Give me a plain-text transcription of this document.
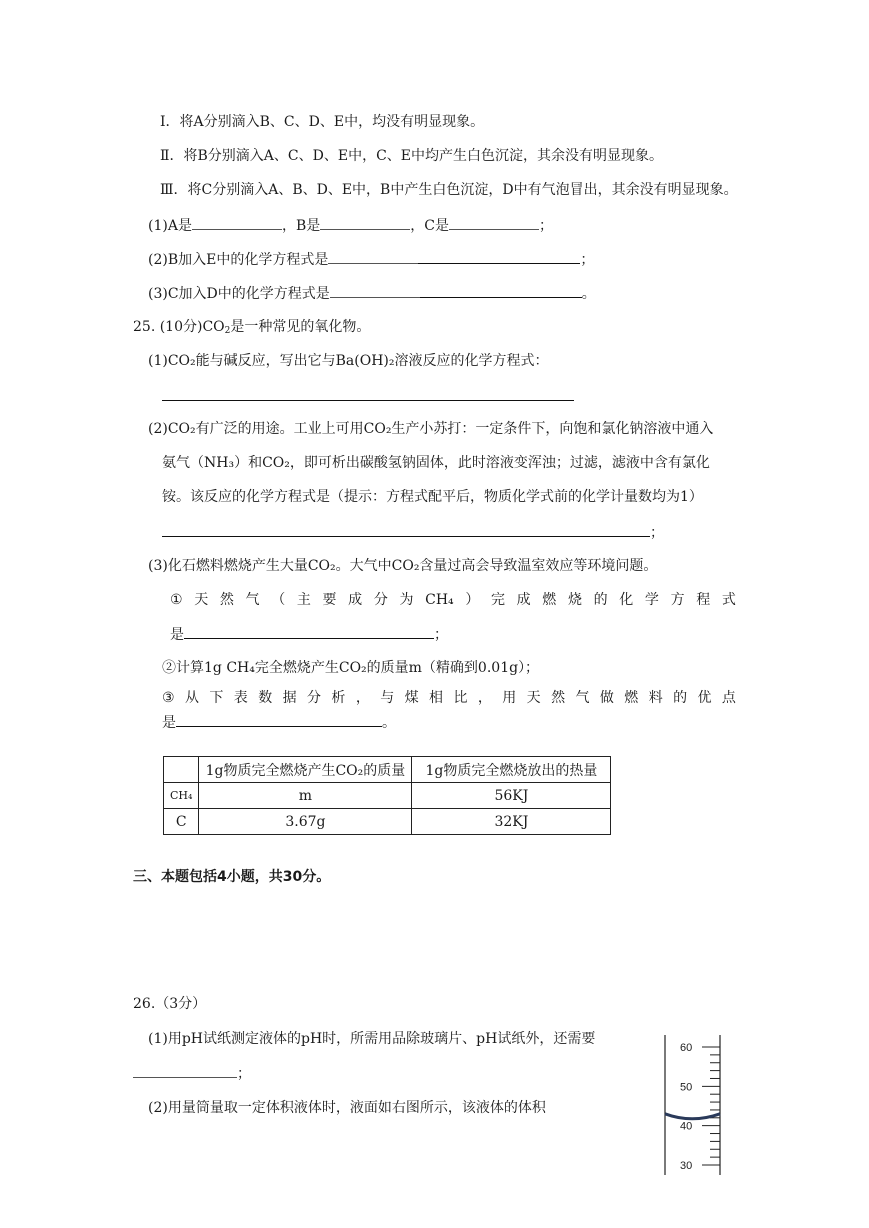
Ⅰ．将A分别滴入B、C、D、E中，均没有明显现象。
Ⅱ．将B分别滴入A、C、D、E中，C、E中均产生白色沉淀，其余没有明显现象。
Ⅲ．将C分别滴入A、B、D、E中，B中产生白色沉淀，D中有气泡冒出，其余没有明显现象。
(1)A是	，B是	，C是	；
(2)B加入E中的化学方程式是	；
(3)C加入D中的化学方程式是	。
25. (10分)$CO_2$是一种常见的氧化物。
(1)CO₂能与碱反应，写出它与Ba(OH)₂溶液反应的化学方程式：
(2)CO₂有广泛的用途。工业上可用CO₂生产小苏打：一定条件下，向饱和氯化钠溶液中通入
氨气（NH₃）和CO₂，即可析出碳酸氢钠固体，此时溶液变浑浊；过滤，滤液中含有氯化
铵。该反应的化学方程式是（提示：方程式配平后，物质化学式前的化学计量数均为1）
；
(3)化石燃料燃烧产生大量CO₂。大气中CO₂含量过高会导致温室效应等环境问题。
① 天 然 气 （ 主 要 成 分 为 CH₄ ） 完 成 燃 烧 的 化 学 方 程 式
是	；
②计算1g CH₄完全燃烧产生CO₂的质量m（精确到0.01g）；
③ 从 下 表 数 据 分 析 ， 与 煤 相 比 ， 用 天 然 气 做 燃 料 的 优 点
是	。
	1g物质完全燃烧产生CO₂的质量	1g物质完全燃烧放出的热量
CH₄	m	56KJ
C	3.67g	32KJ
三、本题包括4小题，共30分。
26.（3分）
(1)用pH试纸测定液体的pH时，所需用品除玻璃片、pH试纸外，还需要
；
(2)用量筒量取一定体积液体时，液面如右图所示，该液体的体积
60
50
40
30
